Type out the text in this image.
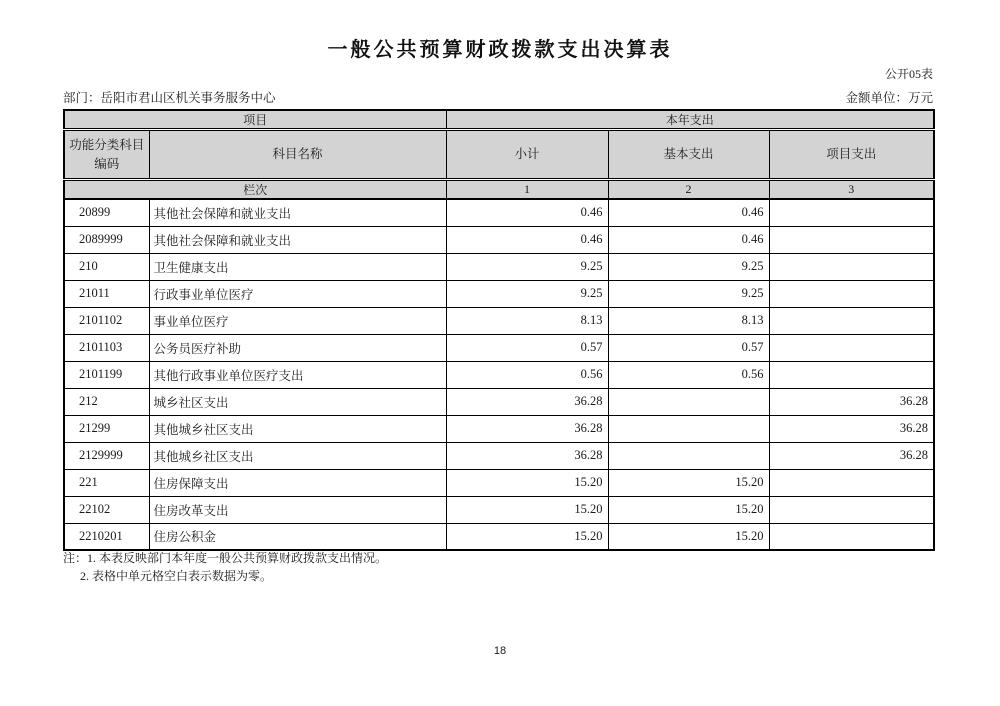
一般公共预算财政拨款支出决算表
公开05表
部门：岳阳市君山区机关事务服务中心	金额单位：万元
项目		本年支出		
功能分类科目
编码	科目名称	小计	基本支出	项目支出
栏次		1	2	3
20899	其他社会保障和就业支出	0.46	0.46	
2089999	其他社会保障和就业支出	0.46	0.46	
210	卫生健康支出	9.25	9.25	
21011	行政事业单位医疗	9.25	9.25	
2101102	事业单位医疗	8.13	8.13	
2101103	公务员医疗补助	0.57	0.57	
2101199	其他行政事业单位医疗支出	0.56	0.56	
212	城乡社区支出	36.28		36.28
21299	其他城乡社区支出	36.28		36.28
2129999	其他城乡社区支出	36.28		36.28
221	住房保障支出	15.20	15.20	
22102	住房改革支出	15.20	15.20	
2210201	住房公积金	15.20	15.20	
注：1. 本表反映部门本年度一般公共预算财政拨款支出情况。
2. 表格中单元格空白表示数据为零。
18
